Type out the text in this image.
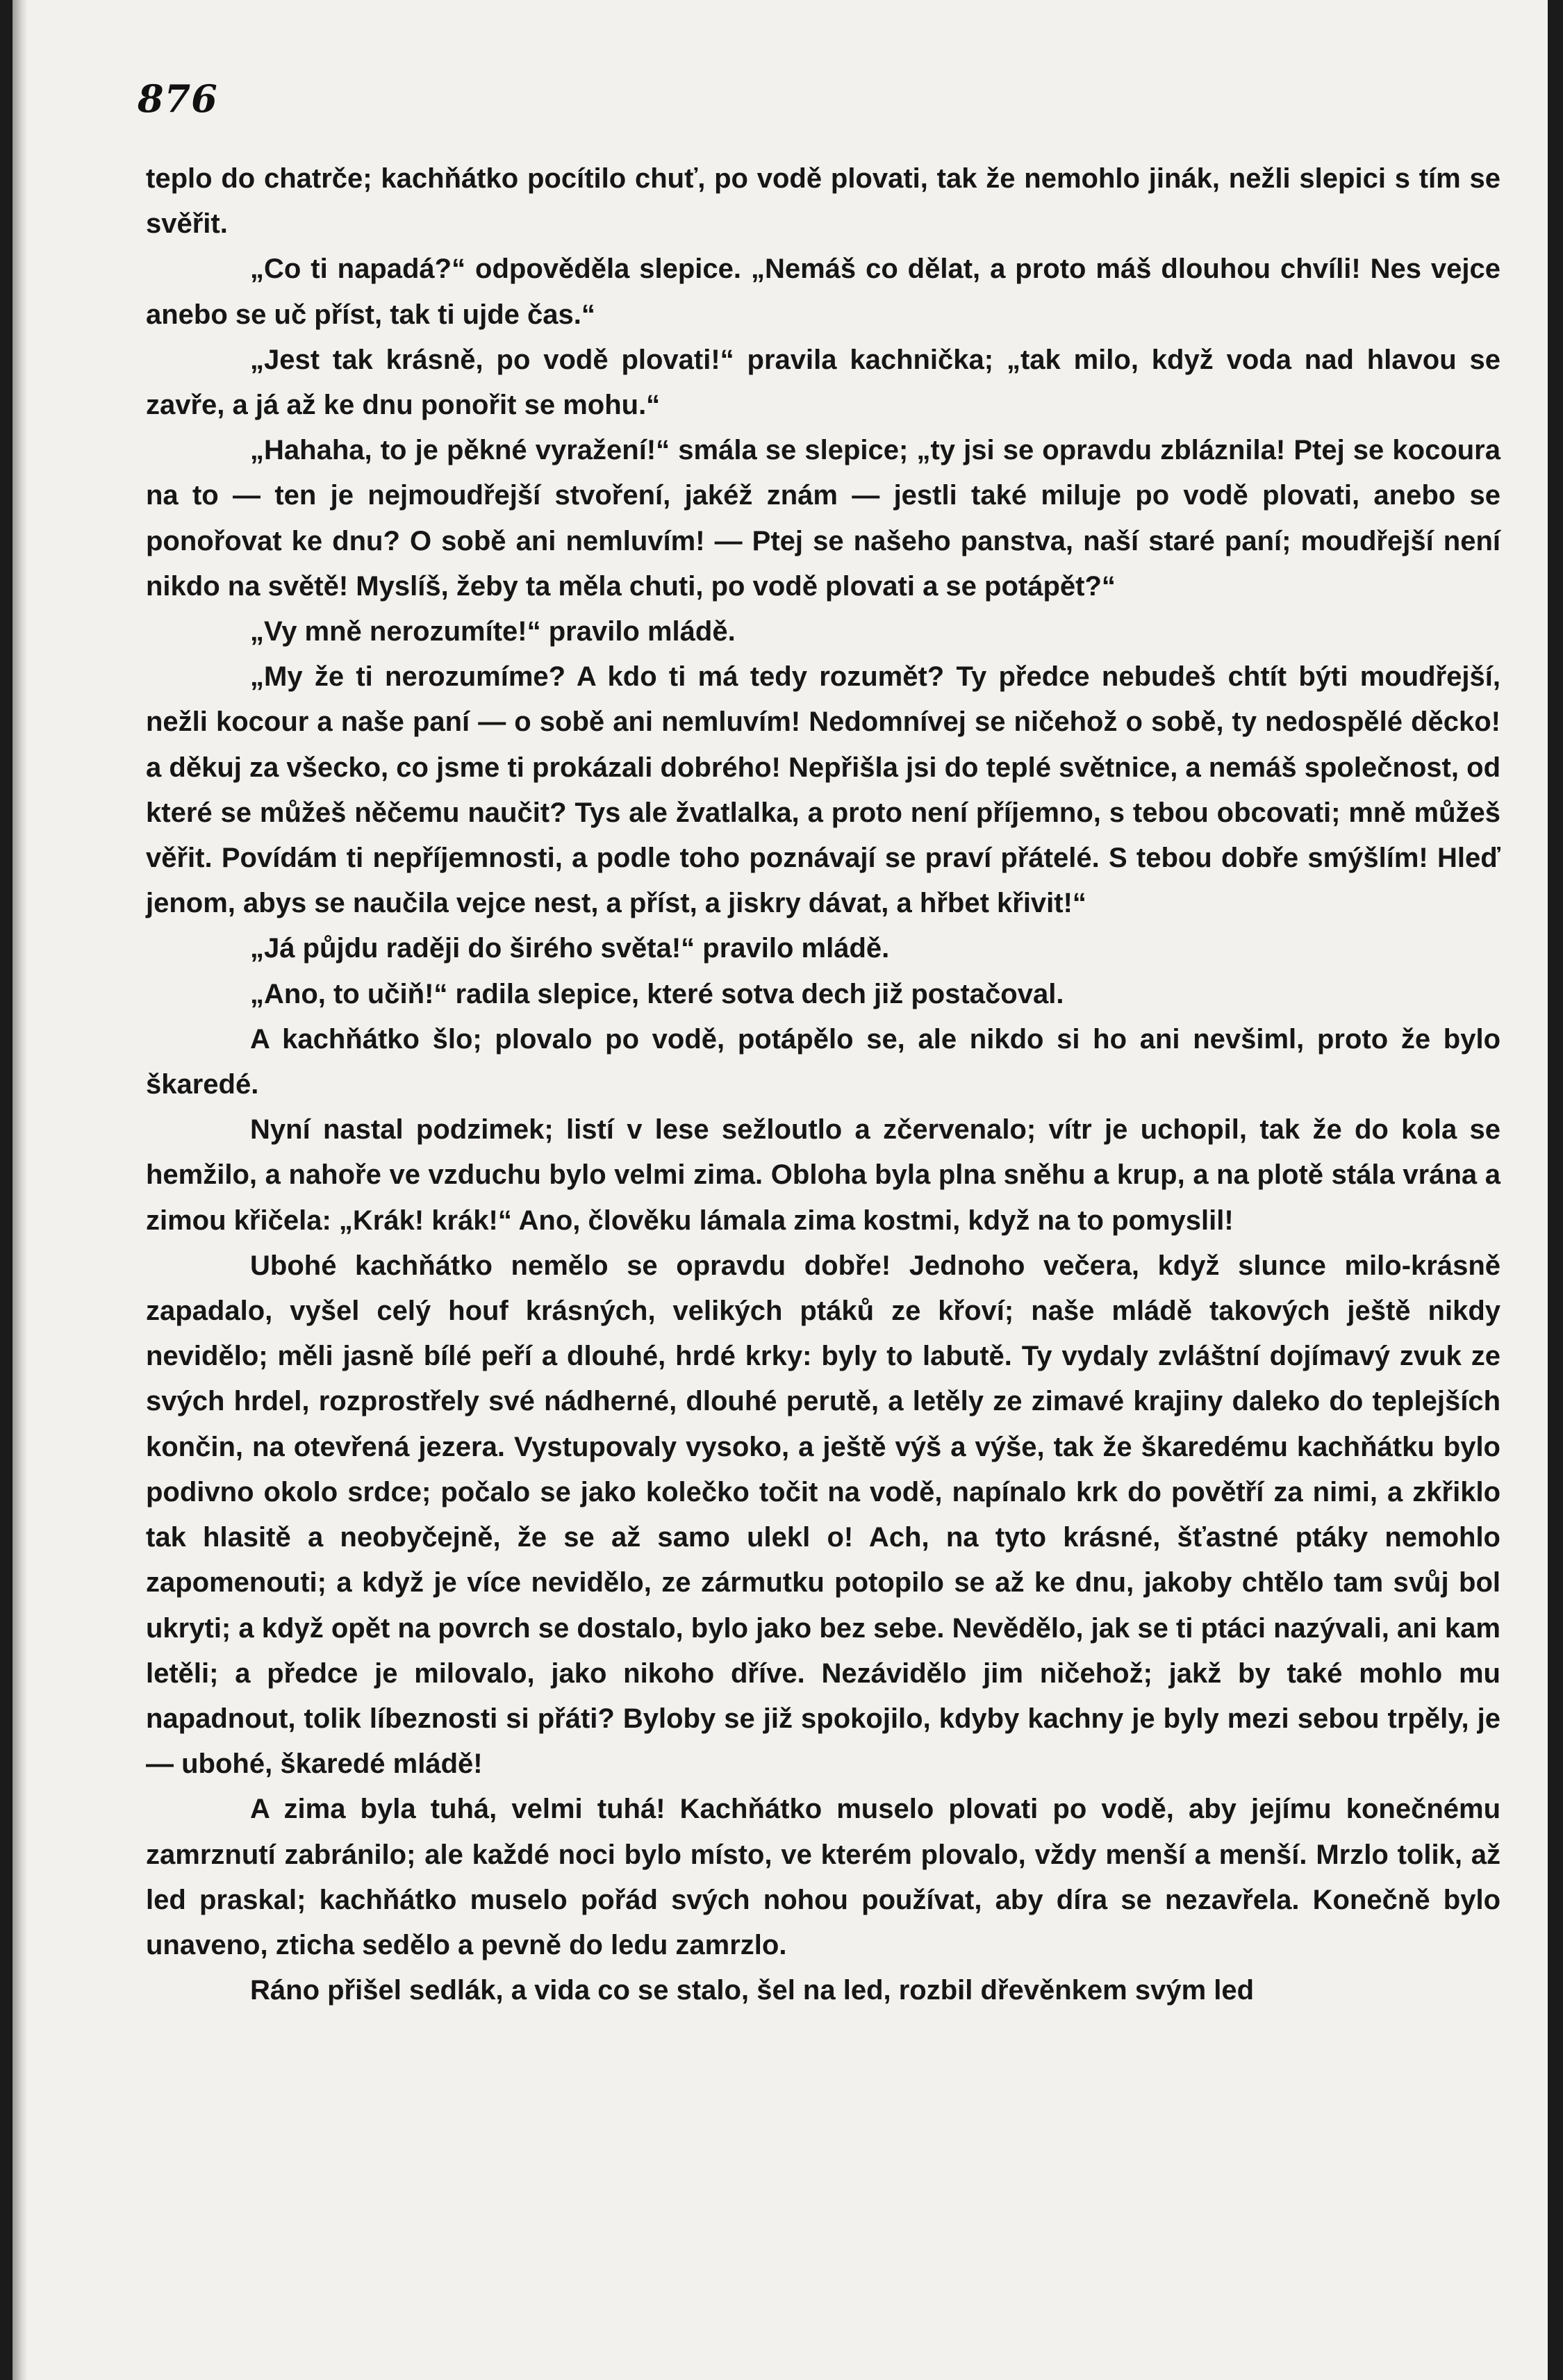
876

teplo do chatrče; kachňátko pocítilo chuť, po vodě plovati, tak že nemohlo jinák, nežli slepici s tím se svěřit.

„Co ti napadá?“ odpověděla slepice. „Nemáš co dělat, a proto máš dlouhou chvíli! Nes vejce anebo se uč příst, tak ti ujde čas.“

„Jest tak krásně, po vodě plovati!“ pravila kachnička; „tak milo, když voda nad hlavou se zavře, a já až ke dnu ponořit se mohu.“

„Hahaha, to je pěkné vyražení!“ smála se slepice; „ty jsi se opravdu zbláznila! Ptej se kocoura na to — ten je nejmoudřejší stvoření, jakéž znám — jestli také miluje po vodě plovati, anebo se ponořovat ke dnu? O sobě ani nemluvím! — Ptej se našeho panstva, naší staré paní; moudřejší není nikdo na světě! Myslíš, žeby ta měla chuti, po vodě plovati a se potápět?“

„Vy mně nerozumíte!“ pravilo mládě.

„My že ti nerozumíme? A kdo ti má tedy rozumět? Ty předce nebudeš chtít býti moudřejší, nežli kocour a naše paní — o sobě ani nemluvím! Nedomnívej se ničehož o sobě, ty nedospělé děcko! a děkuj za všecko, co jsme ti prokázali dobrého! Nepřišla jsi do teplé světnice, a nemáš společnost, od které se můžeš něčemu naučit? Tys ale žvatlalka, a proto není příjemno, s tebou obcovati; mně můžeš věřit. Povídám ti nepříjemnosti, a podle toho poznávají se praví přátelé. S tebou dobře smýšlím! Hleď jenom, abys se naučila vejce nest, a příst, a jiskry dávat, a hřbet křivit!“

„Já půjdu raději do širého světa!“ pravilo mládě.

„Ano, to učiň!“ radila slepice, které sotva dech již postačoval.

A kachňátko šlo; plovalo po vodě, potápělo se, ale nikdo si ho ani nevšiml, proto že bylo škaredé.

Nyní nastal podzimek; listí v lese sežloutlo a zčervenalo; vítr je uchopil, tak že do kola se hemžilo, a nahoře ve vzduchu bylo velmi zima. Obloha byla plna sněhu a krup, a na plotě stála vrána a zimou křičela: „Krák! krák!“ Ano, člověku lámala zima kostmi, když na to pomyslil!

Ubohé kachňátko nemělo se opravdu dobře! Jednoho večera, když slunce milo-krásně zapadalo, vyšel celý houf krásných, velikých ptáků ze křoví; naše mládě takových ještě nikdy nevidělo; měli jasně bílé peří a dlouhé, hrdé krky: byly to labutě. Ty vydaly zvláštní dojímavý zvuk ze svých hrdel, rozprostřely své nádherné, dlouhé perutě, a letěly ze zimavé krajiny daleko do teplejších končin, na otevřená jezera. Vystupovaly vysoko, a ještě výš a výše, tak že škaredému kachňátku bylo podivno okolo srdce; počalo se jako kolečko točit na vodě, napínalo krk do povětří za nimi, a zkřiklo tak hlasitě a neobyčejně, že se až samo ulekl o! Ach, na tyto krásné, šťastné ptáky nemohlo zapomenouti; a když je více nevidělo, ze zármutku potopilo se až ke dnu, jakoby chtělo tam svůj bol ukryti; a když opět na povrch se dostalo, bylo jako bez sebe. Nevědělo, jak se ti ptáci nazývali, ani kam letěli; a předce je milovalo, jako nikoho dříve. Nezávidělo jim ničehož; jakž by také mohlo mu napadnout, tolik líbeznosti si přáti? Byloby se již spokojilo, kdyby kachny je byly mezi sebou trpěly, je — ubohé, škaredé mládě!

A zima byla tuhá, velmi tuhá! Kachňátko muselo plovati po vodě, aby jejímu konečnému zamrznutí zabránilo; ale každé noci bylo místo, ve kterém plovalo, vždy menší a menší. Mrzlo tolik, až led praskal; kachňátko muselo pořád svých nohou používat, aby díra se nezavřela. Konečně bylo unaveno, zticha sedělo a pevně do ledu zamrzlo.

Ráno přišel sedlák, a vida co se stalo, šel na led, rozbil dřevěnkem svým led
